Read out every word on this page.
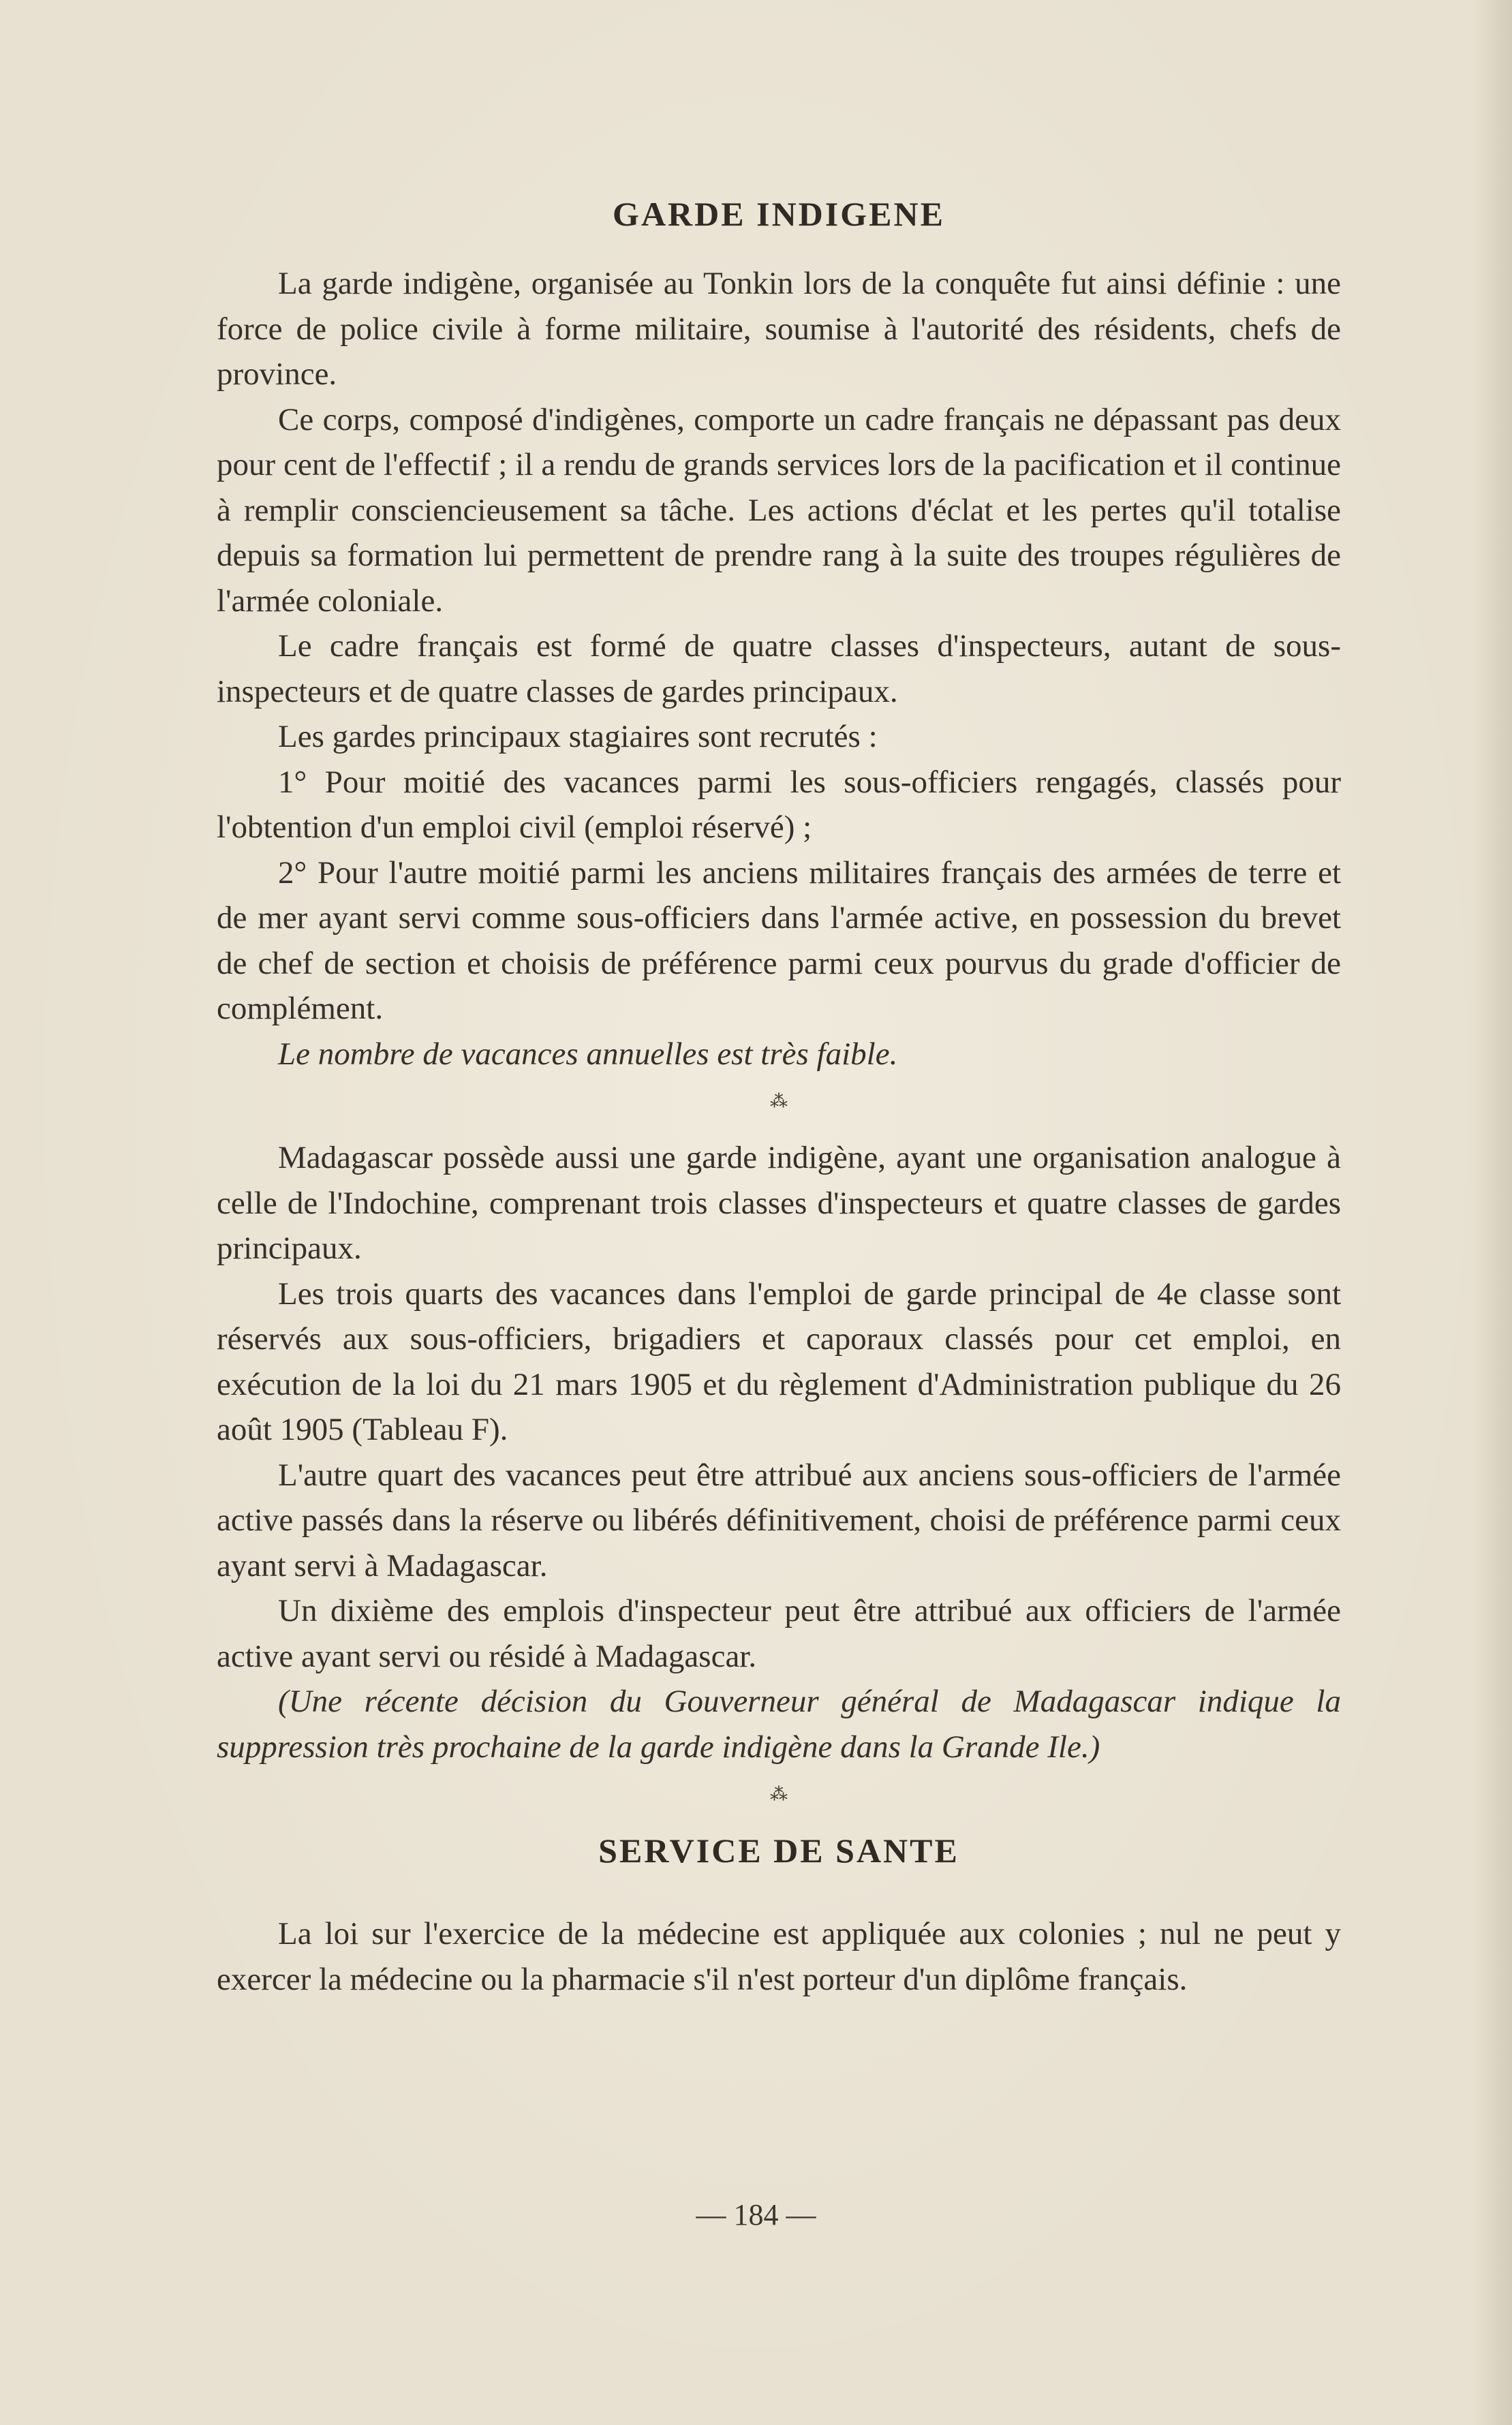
GARDE INDIGENE

La garde indigène, organisée au Tonkin lors de la conquête fut ainsi définie : une force de police civile à forme militaire, soumise à l'autorité des résidents, chefs de province.

Ce corps, composé d'indigènes, comporte un cadre français ne dépassant pas deux pour cent de l'effectif ; il a rendu de grands services lors de la pacification et il continue à remplir consciencieusement sa tâche. Les actions d'éclat et les pertes qu'il totalise depuis sa formation lui permettent de prendre rang à la suite des troupes régulières de l'armée coloniale.

Le cadre français est formé de quatre classes d'inspecteurs, autant de sous-inspecteurs et de quatre classes de gardes principaux.

Les gardes principaux stagiaires sont recrutés :

1° Pour moitié des vacances parmi les sous-officiers rengagés, classés pour l'obtention d'un emploi civil (emploi réservé) ;

2° Pour l'autre moitié parmi les anciens militaires français des armées de terre et de mer ayant servi comme sous-officiers dans l'armée active, en possession du brevet de chef de section et choisis de préférence parmi ceux pourvus du grade d'officier de complément.

Le nombre de vacances annuelles est très faible.

⁂

Madagascar possède aussi une garde indigène, ayant une organisation analogue à celle de l'Indochine, comprenant trois classes d'inspecteurs et quatre classes de gardes principaux.

Les trois quarts des vacances dans l'emploi de garde principal de 4e classe sont réservés aux sous-officiers, brigadiers et caporaux classés pour cet emploi, en exécution de la loi du 21 mars 1905 et du règlement d'Administration publique du 26 août 1905 (Tableau F).

L'autre quart des vacances peut être attribué aux anciens sous-officiers de l'armée active passés dans la réserve ou libérés définitivement, choisi de préférence parmi ceux ayant servi à Madagascar.

Un dixième des emplois d'inspecteur peut être attribué aux officiers de l'armée active ayant servi ou résidé à Madagascar.

(Une récente décision du Gouverneur général de Madagascar indique la suppression très prochaine de la garde indigène dans la Grande Ile.)

⁂
SERVICE DE SANTE

La loi sur l'exercice de la médecine est appliquée aux colonies ; nul ne peut y exercer la médecine ou la pharmacie s'il n'est porteur d'un diplôme français.

— 184 —
